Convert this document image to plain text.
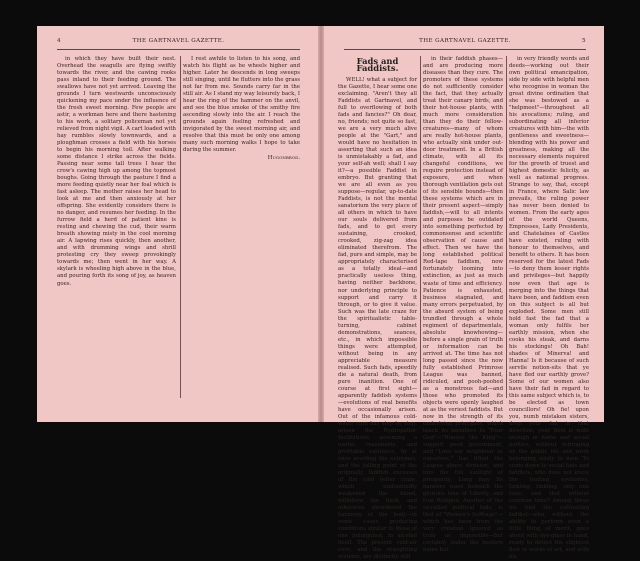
4	THE GARTNAVEL GAZETTE.

in which they have built their nest. Overhead the seagulls are flying swiftly towards the river, and the cawing rooks pass inland to their feeding ground. The swallows have not yet arrived. Leaving the grounds I turn westwards unconsciously quickening my pace under the influence of the fresh sweet morning. Few people are astir, a workman here and there hastening to his work, a solitary policeman not yet relieved from night vigil. A cart loaded with hay rumbles slowly townwards, and a ploughman crosses a field with his horses to begin his morning toil. After walking some distance I strike across the fields. Passing near some tall trees I hear the crow's cawing high up among the topmost boughs. Going through the pasture I find a more feeding quietly near her foal which is fast asleep. The mother raises her head to look at me and then anxiously at her offspring. She evidently considers there is no danger, and resumes her feeding. In the furrow field a herd of patient kine is resting and chewing the cud, their warm breath showing misty in the cool morning air. A lapwing rises quickly, then another, and with drumming wings and shrill protesting cry they sweep provokingly towards me; then went in her way. A skylark is wheeling high above in the blue, and pouring forth its song of joy, as heaven goes.

I rest awhile to listen to his song, and watch his flight as he wheels higher and higher. Later he descends in long sweeps still singing, until he flutters into the grass not far from me. Sounds carry far in the still air. As I stand my way leisurely back, I hear the ring of the hammer on the anvil, and see the blue smoke of the smithy fire ascending slowly into the air. I reach the grounds again feeling refreshed and invigorated by the sweet morning air, and resolve that this must be only one among many such morning walks I hope to take during the summer.

Hugonbrod.
THE GARTNAVEL GAZETTE.	5
Fads and Faddists.

WELL! what a subject for the Gazette, I hear some one exclaiming. "Aren't they all Faddists at Gartnavel, and full to overflowing of both fads and fancies?" Oh dear, no, friends; not quite so fast, we are a very much alive people at the "Gart," and would have no hesitation in asserting that such an idea is unmistakably a fad, and your self-ah well; shall I say it?—a possible Faddist in embryo. But granting that we are all even as you suppose—regular, up-to-date Faddists, is not the mental sanatorium the very place of all others in which to have our souls delivered from fads, and to get every sustaining, crooked, crooked, zig-zag idea eliminated therefrom. The fad, pure and simple, may be appropriately characterised as a totally ideal—and practically useless thing, having neither backbone, nor underlying principle to support and carry it through, or to give it value. Such was the late craze for the spiritualistic table-turning, cabinet demonstrations, seances, etc., in which impossible things were attempted, without being in any appreciable measure realised. Such fads, speedily die a natural death, from pure inanition. One of course at first sight—apparently faddish systems—evolutions of real benefits have occasionally arisen. Out of the infamous cold-water cure has step by step, arisen the Hydropathic Institutions, assuming a useful, reasonable, and profitable existence, by at once avoiding the extremes, and the falling point of the originally faddish excesses of the cold water craze, which undoubtedly weakened the blood, withdrew the flesh, and otherwise disordered the harmony of the body—in some cases producing conditions similar to those of one indulgence, in alcohol itself. The present cold-air cure, and the draughting systems, are distinctly still

in their faddish phases—and are producing more diseases than they cure. The promoters of these systems do not sufficiently consider the fact, that they actually treat their canary birds, and their hot-house plants, with much more consideration than they do their fellow-creatures—many of whom are really hot-house plants, who actually sink under out-door treatment. In a British climate, with all its changeful conditions, we require protection instead of exposure, and when thorough ventilation gets out of its sensible bounds—then these systems which are in their present aspect—simply faddish,—will to all intents and purposes be outdated into something perfected by commonsense and scientific observation of cause and effect. Then we have the long established political Red-tape faddism, now fortunately looming into extinction, as just as much waste of time and efficiency. Patience is exhausted, business stagnated, and many errors perpetuated, by the absurd system of being trundled through a whole regiment of departmentals, absolute knowhowing—before a single grain of truth or information can be arrived at. The time has not long passed since the now fully established Primrose League was banned, ridiculed, and pooh-poohed as a monstrous fad—and those who promoted its objects were openly laughed at as the veriest faddists. But now in the strength of its underlying principles, which teach its members to "Fear God"—"Honour the King"—support good government, and "Love our neighbour as ourselves," has lifted the League above derision, and into the full sunlight of prosperity. Long may its banners wave beneath the glorious tree of Liberty, and true Religion. Another of the so-called political fads, is that of "Women's Suffrage"—which has been from the very creation ignored as truly as impossible—but certainly under the modern name but

in very friendly words and deeds—working out their own political emancipation, side by side with helpful men who recognise in woman the great divine ordination that she was bestowed as a "helpmeet"—throughout all his avocations; ruling, and subordinating all inferior creatures with him—the with gentleness and sweetness—blending with his power and greatness, making all the necessary elements required for the growth of truest and highest domestic felicity, as well as national progress. Strange to say, that, except in France, where Salic law prevails, the ruling power has never been denied to women. From the early ages of the world Queens, Empresses, Lady Presidents, and Chatelaines of Castles have existed, ruling with honour to themselves, and benefit to others. It has been reserved for the latest Fads—to deny them lesser rights and privileges—but happily now even that age is merging into the things that have been, and faddism even on this subject is all but exploded. Some men still hold fast the fad that a woman only fulfils her earthly mission, when she cooks his steak, and darns his stockings! Oh Bah! shades of Minerva! and Hanna! Is it because of such servile notion-sits that ye have fled our earthly grove? Some of our women also have their fad in regard to this same subject which is, to be elected as town councillors! Oh fie! upon you, numb mistaken sisters, drop your fad in that direction, your field is wide enough in home and social politics, without infringing on the public life and work belonging solely to men. To come down to social fads and faddists, who does not know the trailing eyelashes, tinkling, tinkling, only one tune, and that without common time? Among these we find the cultivating faddist—who without the ability to perform even a little thing of merit, goes about with eye-glass in hand, ready to detect the slightest flaw in works of art, and with his
